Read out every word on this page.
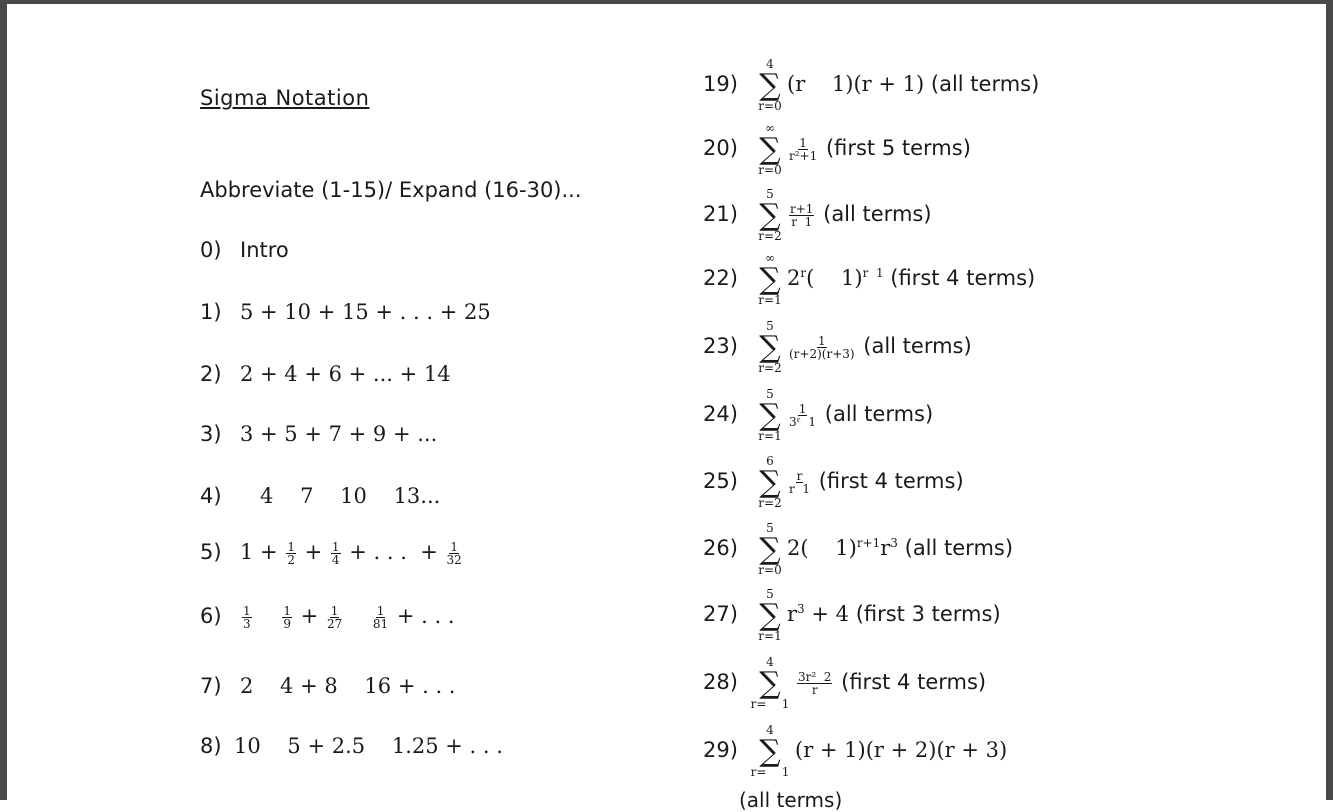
Sigma Notation
Abbreviate (1-15)/ Expand (16-30)...
0) Intro
1) 5 + 10 + 15 + . . . + 25
2) 2 + 4 + 6 + ... + 14
3) 3 + 5 + 7 + 9 + ...
4)   4    7    10    13...
5) $1 + \frac{1}{2} + \frac{1}{4}$ + . . .  + $\frac{1}{32}$
$6) \frac{1}{3}$
	$\frac{1}{9} + \frac{1}{27}$
	$\frac{1}{81}$ + . . .
7) 2    4 + 8    16 + . . .
8) 10    5 + 2.5    1.25 + . . .
19)
4
∑
r=0
(r    1)(r + 1) (all terms)
20)
∞
∑
r=0
$\frac{1}{\text{r²+1}}$ (first 5 terms)
21)
5
∑
r=2
$\frac{r+1}{r 1} (all$ terms)
22)
∞
∑
r=1
2$^r$(    1)$^{r 1}$ (first 4 terms)
23)
5
∑
r=2
$\frac{1}{(r+2)(r+3)} (all$ terms)
24)
5
∑
r=1
$\frac{1}{\text{3ʳ  1}} (all$ terms)
25)
6
∑
r=2
$\frac{r}{r 1}$ (first 4 terms)
26)
5
∑
r=0
2(    $1)^{r+1}r^3$ (all terms)
27)
5
∑
r=1
$r^3 + 4$ (first 3 terms)
28)
4
∑
r=    1
$\frac{\text{3r²  2}}{r}$ (first 4 terms)
29)
4
∑
r=    1
(r + 1)(r + 2)(r + 3)
(all terms)
